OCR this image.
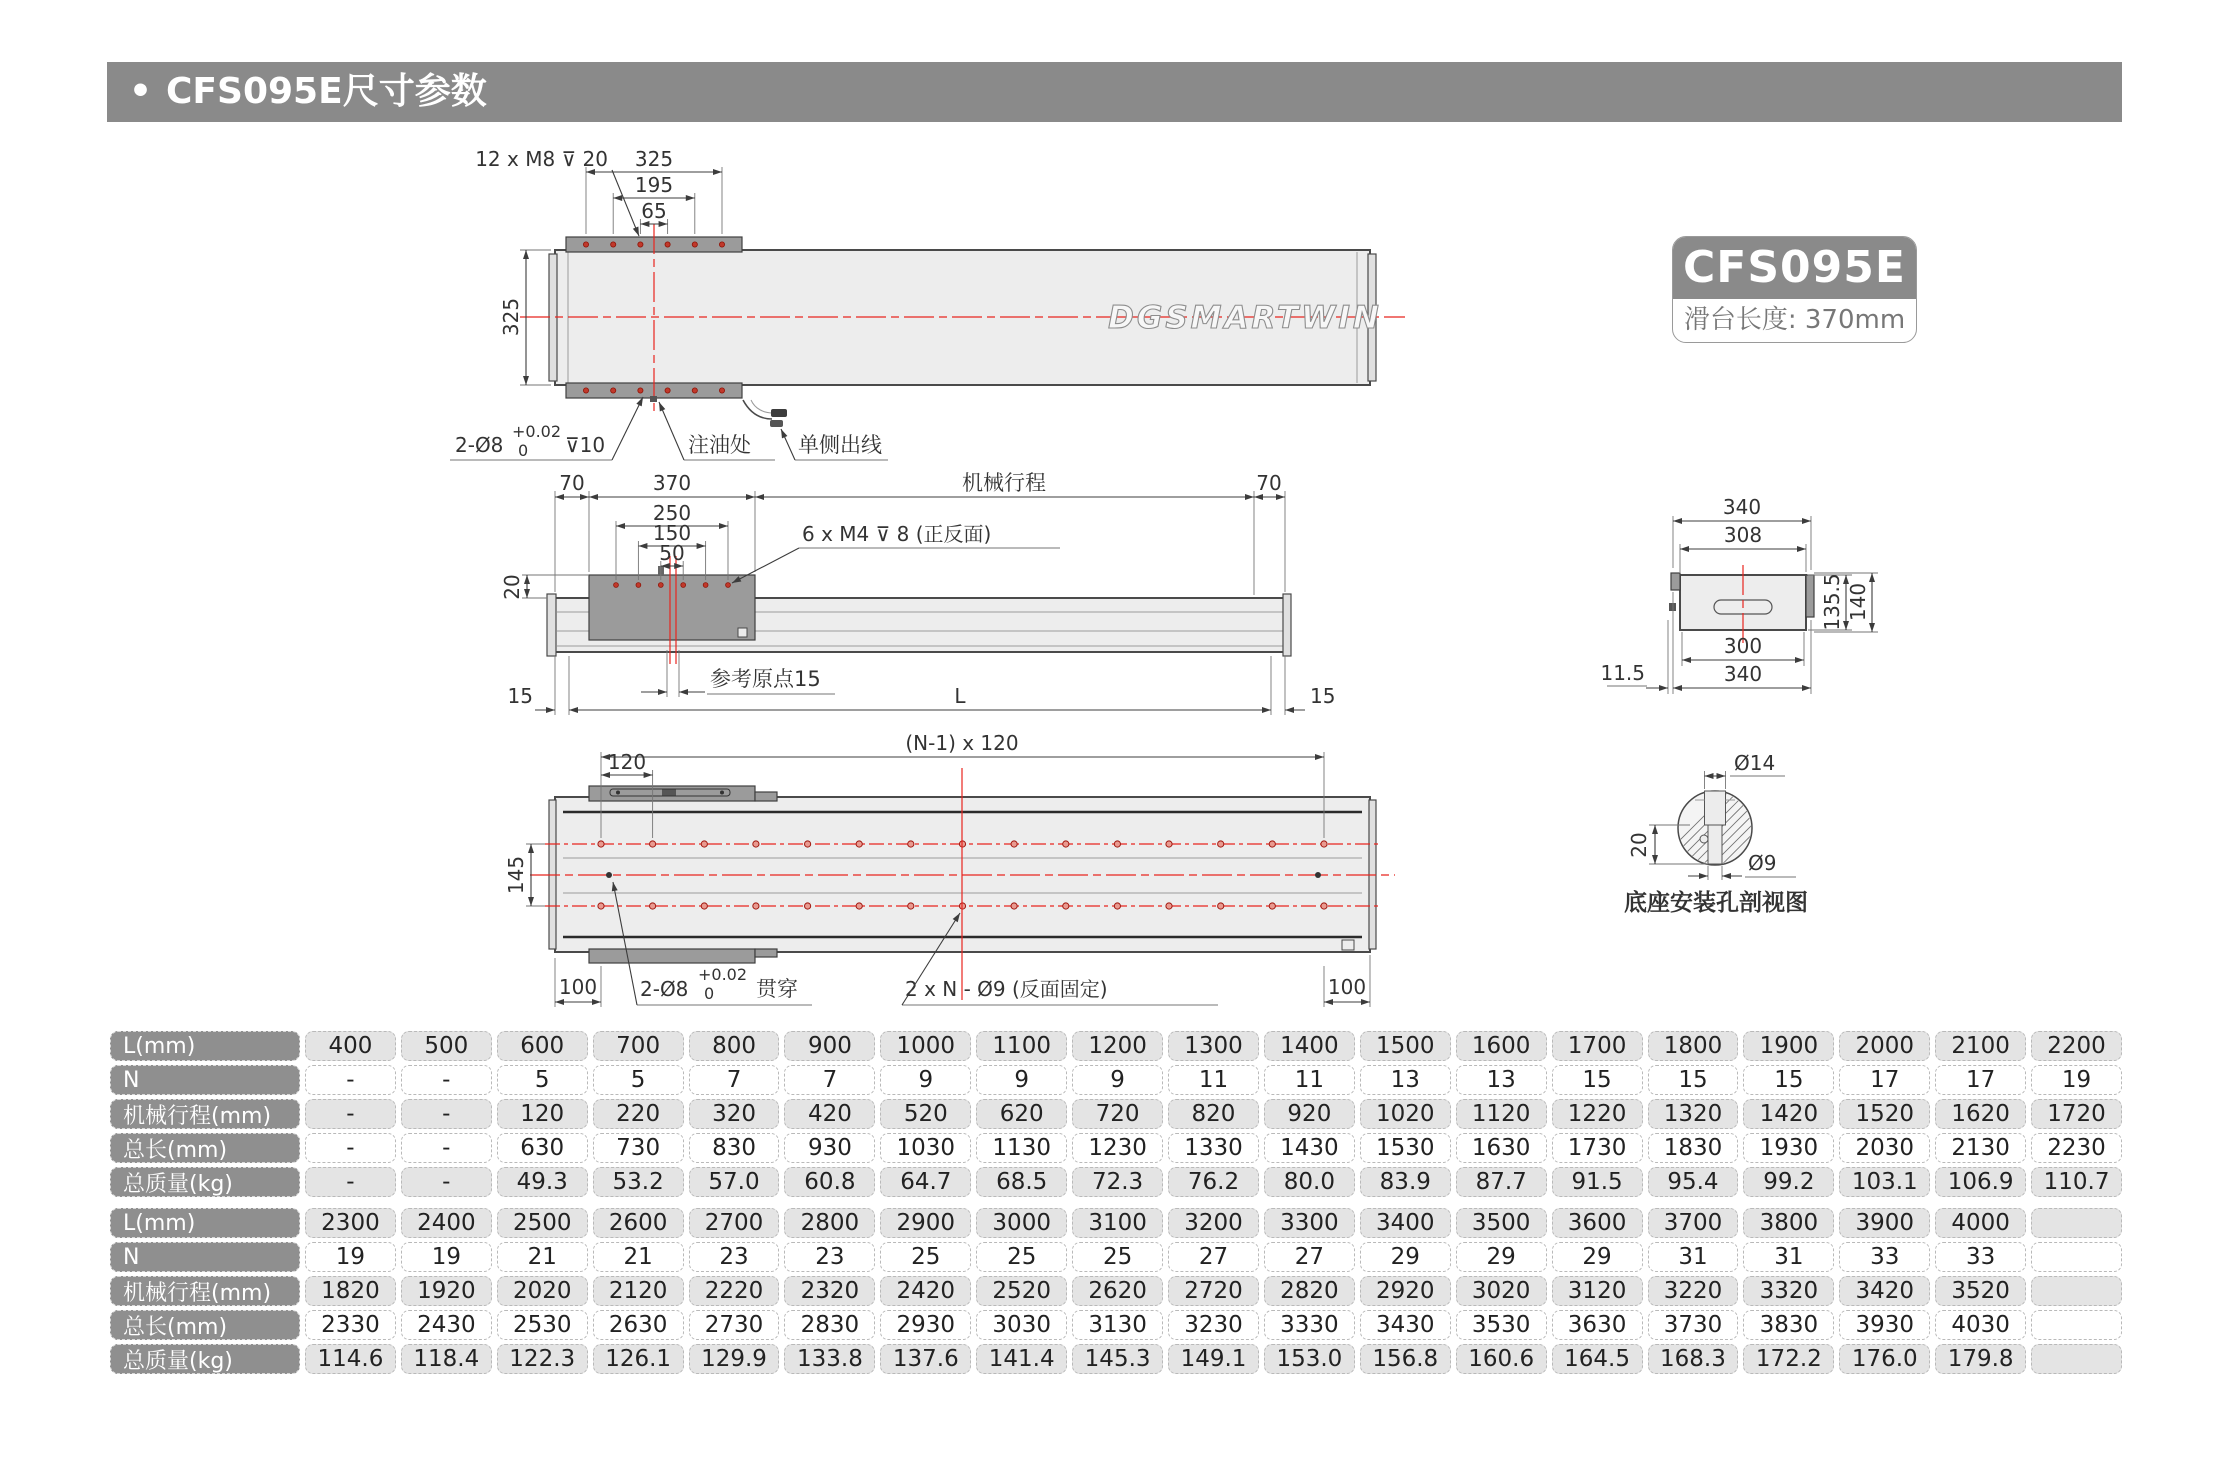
• CFS095E尺寸参数
CFS095E
滑台长度: 370mm
DGSMARTWIN
325
195
65
12 x M8 ⊽ 20
325
2-Ø8
+0.02
0 ⊽10	注油处 单侧出线
70	370	机械行程	70
250
150
50
20
6 x M4 ⊽ 8 (正反面)
参考原点15
15	L	15
340
308
135.5 140
300
340
11.5
(N-1) x 120
120
145
100	100
2-Ø8
+0.02
0 贯穿	2 x N - Ø9 (反面固定)
Ø14
20
Ø9
底座安装孔剖视图
L(mm)	400	500	600	700	800	900	1000	1100	1200	1300	1400	1500	1600	1700	1800	1900	2000	2100	2200
N	-	-	5	5	7	7	9	9	9	11	11	13	13	15	15	15	17	17	19
机械行程(mm)	-	-	120	220	320	420	520	620	720	820	920	1020	1120	1220	1320	1420	1520	1620	1720
总长(mm)	-	-	630	730	830	930	1030	1130	1230	1330	1430	1530	1630	1730	1830	1930	2030	2130	2230
总质量(kg)	-	-	49.3	53.2	57.0	60.8	64.7	68.5	72.3	76.2	80.0	83.9	87.7	91.5	95.4	99.2	103.1	106.9	110.7
L(mm)	2300	2400	2500	2600	2700	2800	2900	3000	3100	3200	3300	3400	3500	3600	3700	3800	3900	4000
N	19	19	21	21	23	23	25	25	25	27	27	29	29	29	31	31	33	33
机械行程(mm)	1820	1920	2020	2120	2220	2320	2420	2520	2620	2720	2820	2920	3020	3120	3220	3320	3420	3520
总长(mm)	2330	2430	2530	2630	2730	2830	2930	3030	3130	3230	3330	3430	3530	3630	3730	3830	3930	4030
总质量(kg)	114.6	118.4	122.3	126.1	129.9	133.8	137.6	141.4	145.3	149.1	153.0	156.8	160.6	164.5	168.3	172.2	176.0	179.8
